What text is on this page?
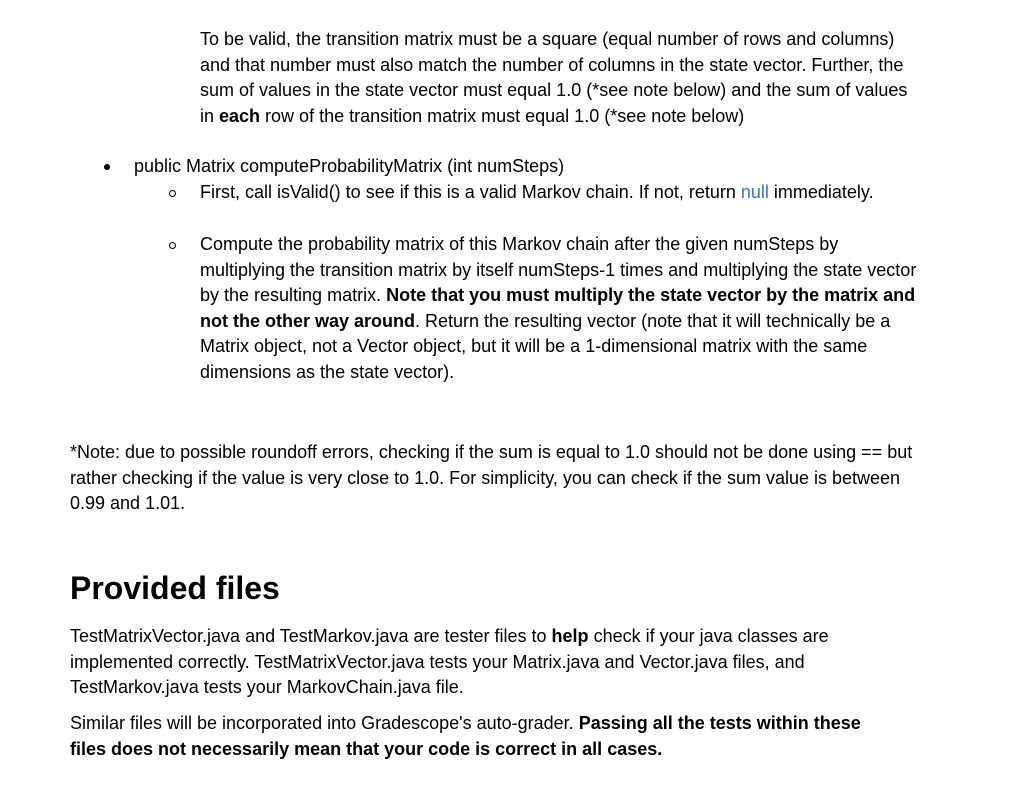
To be valid, the transition matrix must be a square (equal number of rows and columns) and that number must also match the number of columns in the state vector. Further, the sum of values in the state vector must equal 1.0 (*see note below) and the sum of values in each row of the transition matrix must equal 1.0 (*see note below)
public Matrix computeProbabilityMatrix (int numSteps)
First, call isValid() to see if this is a valid Markov chain. If not, return null immediately.
Compute the probability matrix of this Markov chain after the given numSteps by multiplying the transition matrix by itself numSteps-1 times and multiplying the state vector by the resulting matrix. Note that you must multiply the state vector by the matrix and not the other way around. Return the resulting vector (note that it will technically be a Matrix object, not a Vector object, but it will be a 1-dimensional matrix with the same dimensions as the state vector).
*Note: due to possible roundoff errors, checking if the sum is equal to 1.0 should not be done using == but rather checking if the value is very close to 1.0. For simplicity, you can check if the sum value is between 0.99 and 1.01.
Provided files
TestMatrixVector.java and TestMarkov.java are tester files to help check if your java classes are implemented correctly. TestMatrixVector.java tests your Matrix.java and Vector.java files, and TestMarkov.java tests your MarkovChain.java file.
Similar files will be incorporated into Gradescope's auto-grader. Passing all the tests within these files does not necessarily mean that your code is correct in all cases.
